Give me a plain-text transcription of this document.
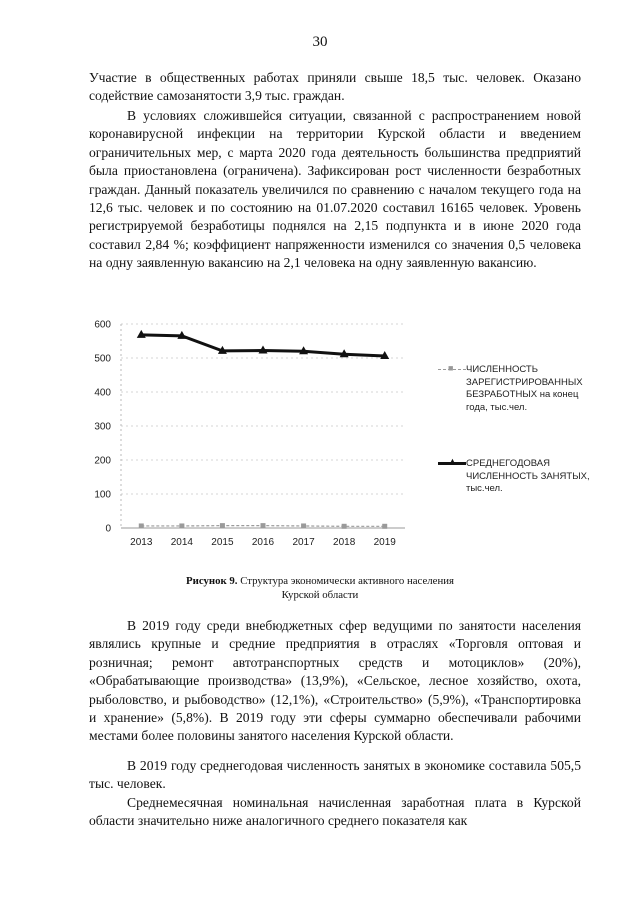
30

Участие в общественных работах приняли свыше 18,5 тыс. человек. Оказано содействие самозанятости 3,9 тыс. граждан.

В условиях сложившейся ситуации, связанной с распространением новой коронавирусной инфекции на территории Курской области и введением ограничительных мер, с марта 2020 года деятельность большинства предприятий была приостановлена (ограничена). Зафиксирован рост численности безработных граждан. Данный показатель увеличился по сравнению с началом текущего года на 12,6 тыс. человек и по состоянию на 01.07.2020 составил 16165 человек. Уровень регистрируемой безработицы поднялся на 2,15 подпункта и в июне 2020 года составил 2,84 %; коэффициент напряженности изменился со значения 0,5 человека на одну заявленную вакансию на 2,1 человека на одну заявленную вакансию.

0
100
200
300
400
500
600
2013 2014 2015 2016 2017 2018 2019
■ ЧИСЛЕННОСТЬ ЗАРЕГИСТРИРОВАННЫХ БЕЗРАБОТНЫХ на конец года, тыс.чел.
▲ СРЕДНЕГОДОВАЯ ЧИСЛЕННОСТЬ ЗАНЯТЫХ, тыс.чел.
Рисунок 9. Структура экономически активного населения
Курской области

В 2019 году среди внебюджетных сфер ведущими по занятости населения являлись крупные и средние предприятия в отраслях «Торговля оптовая и розничная; ремонт автотранспортных средств и мотоциклов» (20%), «Обрабатывающие производства» (13,9%), «Сельское, лесное хозяйство, охота, рыболовство, и рыбоводство» (12,1%), «Строительство» (5,9%), «Транспортировка и хранение» (5,8%). В 2019 году эти сферы суммарно обеспечивали рабочими местами более половины занятого населения Курской области.

В 2019 году среднегодовая численность занятых в экономике составила 505,5 тыс. человек.

Среднемесячная номинальная начисленная заработная плата в Курской области значительно ниже аналогичного среднего показателя как
